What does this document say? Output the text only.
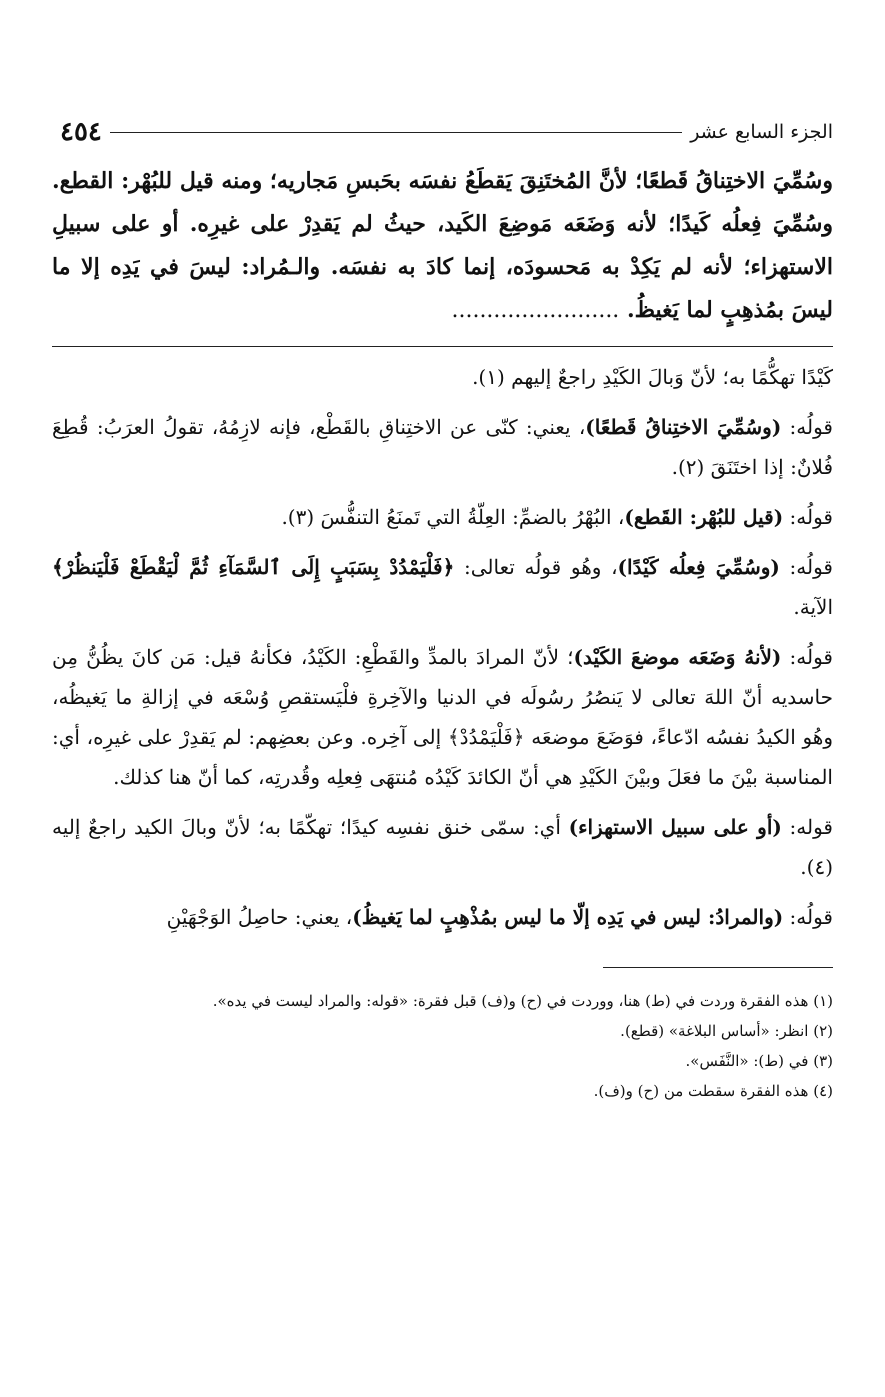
الجزء السابع عشر
٤٥٤
وسُمِّيَ الاختِناقُ قَطعًا؛ لأنَّ المُختَنِقَ يَقطَعُ نفسَه بحَبسِ مَجاريه؛ ومنه قيل للبُهْر: القطع. وسُمِّيَ فِعلُه كَيدًا؛ لأنه وَضَعَه مَوضِعَ الكَيد، حيثُ لم يَقدِرْ على غيرِه. أو على سبيلِ الاستهزاء؛ لأنه لم يَكِدْ به مَحسودَه، إنما كادَ به نفسَه. والـمُراد: ليسَ في يَدِه إلا ما ليسَ بمُذهِبٍ لما يَغيظُ. ........................

كَيْدًا تهكُّمًا به؛ لأنّ وَبالَ الكَيْدِ راجعٌ إليهم (١).

قولُه: (وسُمِّيَ الاختِناقُ قَطعًا)، يعني: كنّى عن الاختِناقِ بالقَطْع، فإنه لازِمُهُ، تقولُ العرَبُ: قُطِعَ فُلانٌ: إذا اختَنَقَ (٢).

قولُه: (قيل للبُهْر: القَطع)، البُهْرُ بالضمِّ: العِلّةُ التي تَمنَعُ التنفُّسَ (٣).

قولُه: (وسُمِّيَ فِعلُه كَيْدًا)، وهُو قولُه تعالى: ﴿فَلْيَمْدُدْ بِسَبَبٍ إِلَى ٱلسَّمَآءِ ثُمَّ لْيَقْطَعْ فَلْيَنظُرْ﴾ الآية.

قولُه: (لأنهُ وَضَعَه موضعَ الكَيْد)؛ لأنّ المرادَ بالمدِّ والقَطْعِ: الكَيْدُ، فكأنهُ قيل: مَن كانَ يظُنُّ مِن حاسديه أنّ اللهَ تعالى لا يَنصُرُ رسُولَه في الدنيا والآخِرةِ فلْيَستقصِ وُسْعَه في إزالةِ ما يَغيظُه، وهُو الكيدُ نفسُه ادّعاءً، فوَضَعَ موضعَه ﴿فَلْيَمْدُدْ﴾ إلى آخِره. وعن بعضِهم: لم يَقدِرْ على غيرِه، أي: المناسبة بيْنَ ما فعَلَ وبيْنَ الكَيْدِ هي أنّ الكائدَ كَيْدُه مُنتهَى فِعلِه وقُدرتِه، كما أنّ هنا كذلك.

قوله: (أو على سبيل الاستهزاء) أي: سمّى خنق نفسِه كيدًا؛ تهكّمًا به؛ لأنّ وبالَ الكيد راجعٌ إليه (٤).

قولُه: (والمرادُ: ليس في يَدِه إلّا ما ليس بمُذْهِبٍ لما يَغيظُ)، يعني: حاصِلُ الوَجْهَيْنِ

(١) هذه الفقرة وردت في (ط) هنا، ووردت في (ح) و(ف) قبل فقرة: «قوله: والمراد ليست في يده».
(٢) انظر: «أساس البلاغة» (قطع).
(٣) في (ط): «النَّفَس».
(٤) هذه الفقرة سقطت من (ح) و(ف).
